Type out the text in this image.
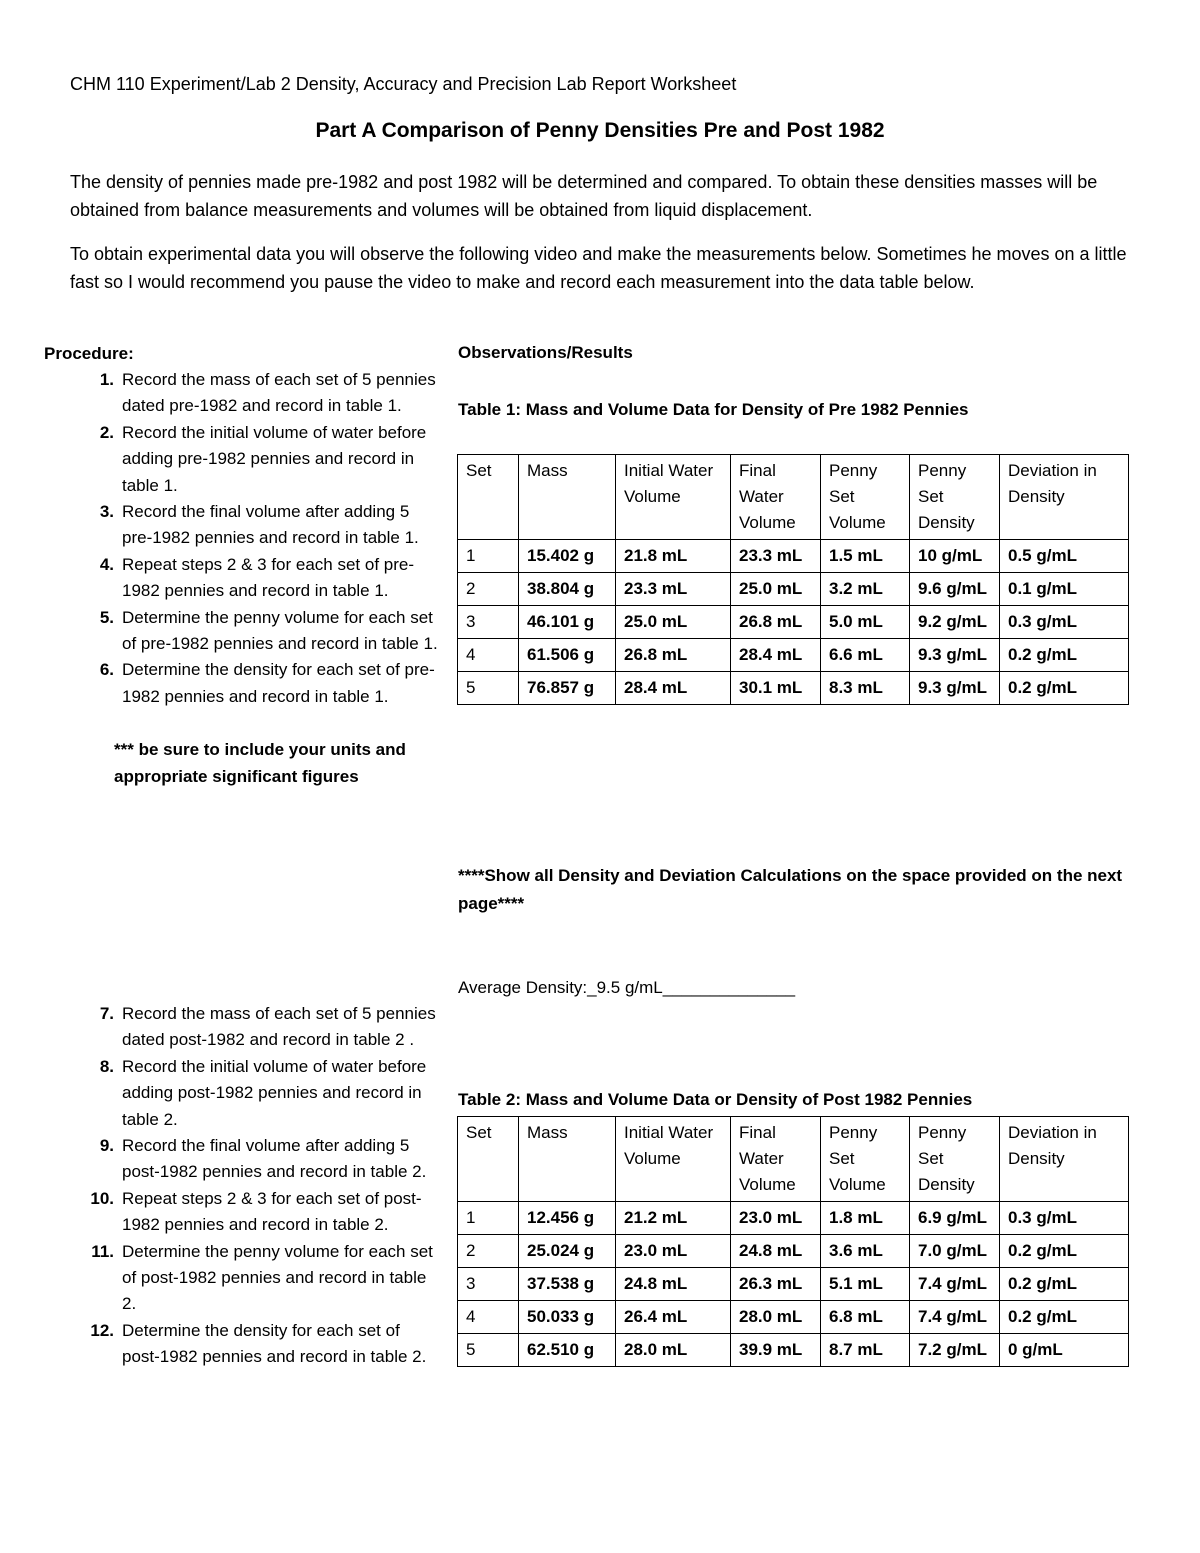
CHM 110 Experiment/Lab 2 Density, Accuracy and Precision Lab Report Worksheet
Part A Comparison of Penny Densities Pre and Post 1982
The density of pennies made pre-1982 and post 1982 will be determined and compared. To obtain these densities masses will be obtained from balance measurements and volumes will be obtained from liquid displacement.
To obtain experimental data you will observe the following video and make the measurements below. Sometimes he moves on a little fast so I would recommend you pause the video to make and record each measurement into the data table below.
Procedure:
1. Record the mass of each set of 5 pennies dated pre-1982 and record in table 1.
2. Record the initial volume of water before adding pre-1982 pennies and record in table 1.
3. Record the final volume after adding 5 pre-1982 pennies and record in table 1.
4. Repeat steps 2 & 3 for each set of pre-1982 pennies and record in table 1.
5. Determine the penny volume for each set of pre-1982 pennies and record in table 1.
6. Determine the density for each set of pre-1982 pennies and record in table 1.
*** be sure to include your units and appropriate significant figures
7. Record the mass of each set of 5 pennies dated post-1982 and record in table 2 .
8. Record the initial volume of water before adding post-1982 pennies and record in table 2.
9. Record the final volume after adding 5 post-1982 pennies and record in table 2.
10. Repeat steps 2 & 3 for each set of post-1982 pennies and record in table 2.
11. Determine the penny volume for each set of post-1982 pennies and record in table 2.
12. Determine the density for each set of post-1982 pennies and record in table 2.
Observations/Results
Table 1: Mass and Volume Data for Density of Pre 1982 Pennies
Set	Mass	Initial Water Volume	Final Water Volume	Penny Set Volume	Penny Set Density	Deviation in Density
1	15.402 g	21.8 mL	23.3 mL	1.5 mL	10 g/mL	0.5 g/mL
2	38.804 g	23.3 mL	25.0 mL	3.2 mL	9.6 g/mL	0.1 g/mL
3	46.101 g	25.0 mL	26.8 mL	5.0 mL	9.2 g/mL	0.3 g/mL
4	61.506 g	26.8 mL	28.4 mL	6.6 mL	9.3 g/mL	0.2 g/mL
5	76.857 g	28.4 mL	30.1 mL	8.3 mL	9.3 g/mL	0.2 g/mL
****Show all Density and Deviation Calculations on the space provided on the next page****
Average Density:_9.5 g/mL______________
Table 2: Mass and Volume Data or Density of Post 1982 Pennies
Set	Mass	Initial Water Volume	Final Water Volume	Penny Set Volume	Penny Set Density	Deviation in Density
1	12.456 g	21.2 mL	23.0 mL	1.8 mL	6.9 g/mL	0.3 g/mL
2	25.024 g	23.0 mL	24.8 mL	3.6 mL	7.0 g/mL	0.2 g/mL
3	37.538 g	24.8 mL	26.3 mL	5.1 mL	7.4 g/mL	0.2 g/mL
4	50.033 g	26.4 mL	28.0 mL	6.8 mL	7.4 g/mL	0.2 g/mL
5	62.510 g	28.0 mL	39.9 mL	8.7 mL	7.2 g/mL	0 g/mL
